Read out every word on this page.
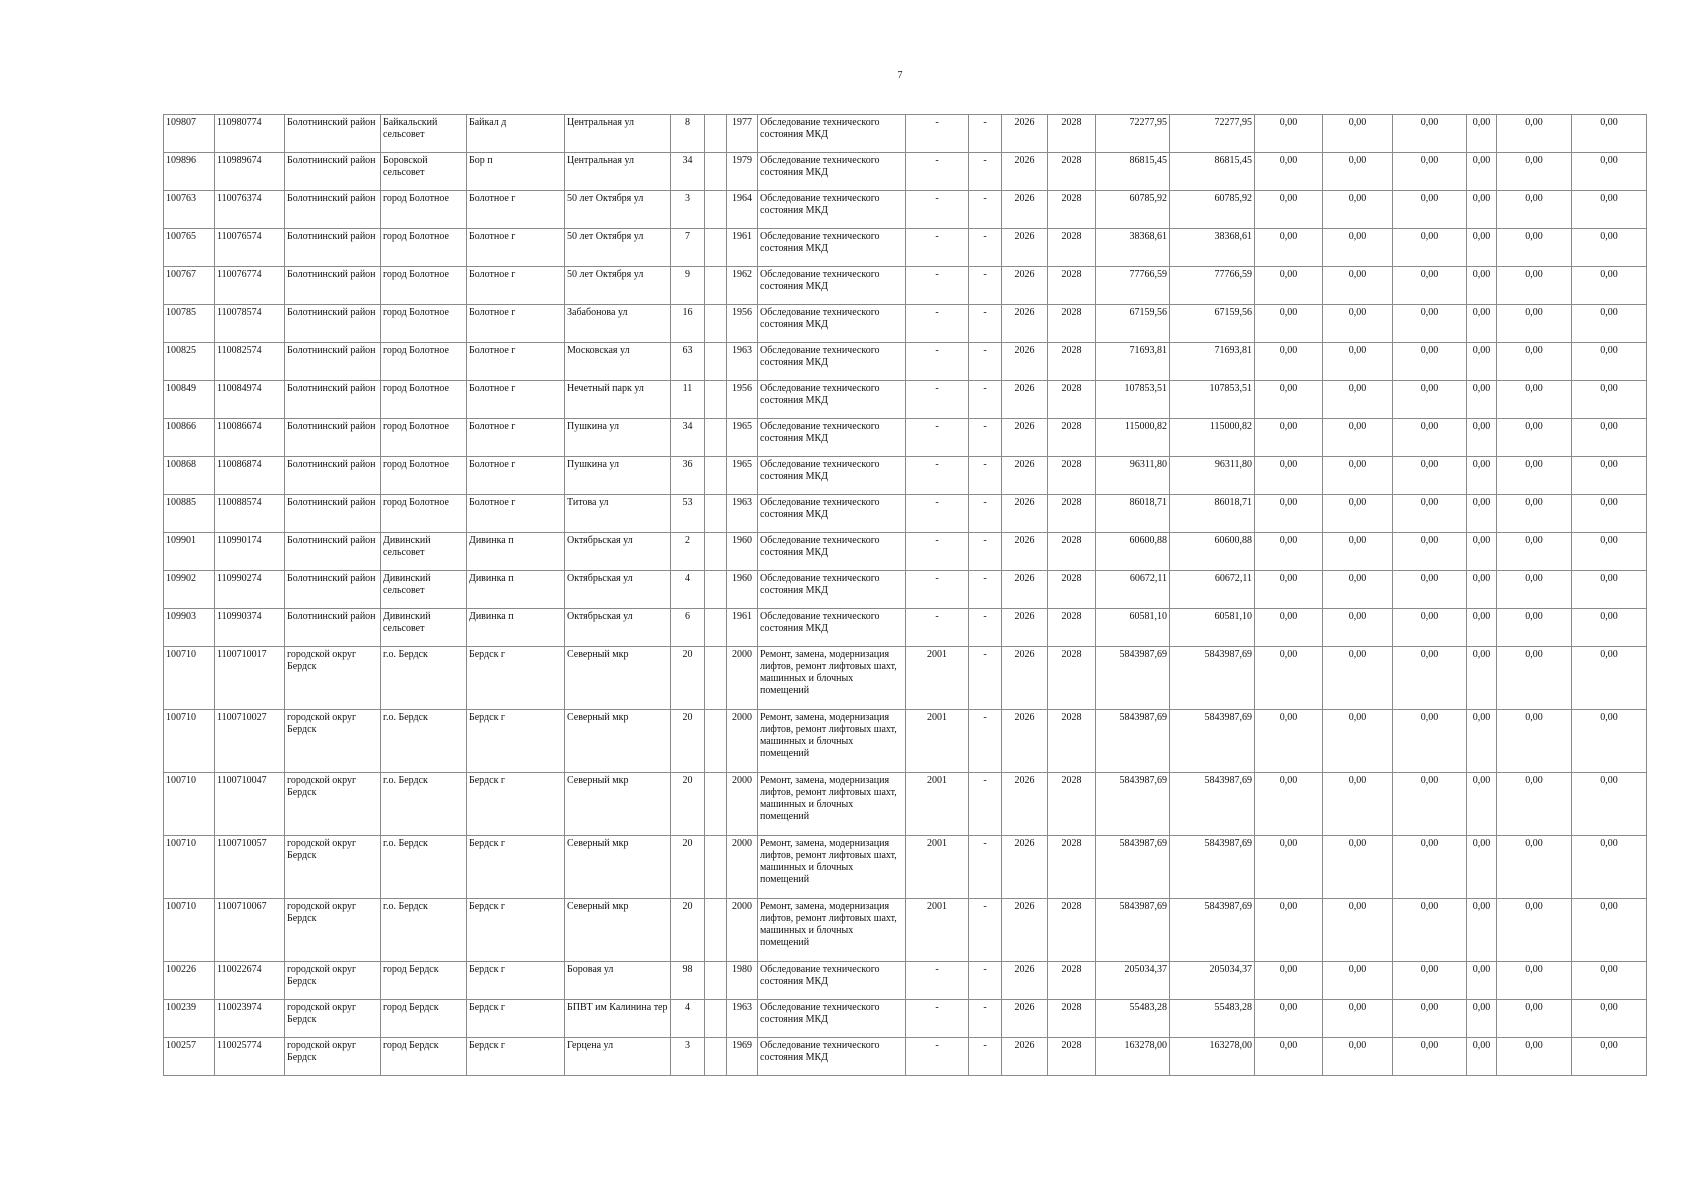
7
109807	110980774	Болотнинский район	Байкальский сельсовет	Байкал д	Центральная ул	8		1977	Обследование технического состояния МКД	-	-	2026	2028	72277,95	72277,95	0,00	0,00	0,00	0,00	0,00	0,00
109896	110989674	Болотнинский район	Боровской сельсовет	Бор п	Центральная ул	34		1979	Обследование технического состояния МКД	-	-	2026	2028	86815,45	86815,45	0,00	0,00	0,00	0,00	0,00	0,00
100763	110076374	Болотнинский район	город Болотное	Болотное г	50 лет Октября ул	3		1964	Обследование технического состояния МКД	-	-	2026	2028	60785,92	60785,92	0,00	0,00	0,00	0,00	0,00	0,00
100765	110076574	Болотнинский район	город Болотное	Болотное г	50 лет Октября ул	7		1961	Обследование технического состояния МКД	-	-	2026	2028	38368,61	38368,61	0,00	0,00	0,00	0,00	0,00	0,00
100767	110076774	Болотнинский район	город Болотное	Болотное г	50 лет Октября ул	9		1962	Обследование технического состояния МКД	-	-	2026	2028	77766,59	77766,59	0,00	0,00	0,00	0,00	0,00	0,00
100785	110078574	Болотнинский район	город Болотное	Болотное г	Забабонова ул	16		1956	Обследование технического состояния МКД	-	-	2026	2028	67159,56	67159,56	0,00	0,00	0,00	0,00	0,00	0,00
100825	110082574	Болотнинский район	город Болотное	Болотное г	Московская ул	63		1963	Обследование технического состояния МКД	-	-	2026	2028	71693,81	71693,81	0,00	0,00	0,00	0,00	0,00	0,00
100849	110084974	Болотнинский район	город Болотное	Болотное г	Нечетный парк ул	11		1956	Обследование технического состояния МКД	-	-	2026	2028	107853,51	107853,51	0,00	0,00	0,00	0,00	0,00	0,00
100866	110086674	Болотнинский район	город Болотное	Болотное г	Пушкина ул	34		1965	Обследование технического состояния МКД	-	-	2026	2028	115000,82	115000,82	0,00	0,00	0,00	0,00	0,00	0,00
100868	110086874	Болотнинский район	город Болотное	Болотное г	Пушкина ул	36		1965	Обследование технического состояния МКД	-	-	2026	2028	96311,80	96311,80	0,00	0,00	0,00	0,00	0,00	0,00
100885	110088574	Болотнинский район	город Болотное	Болотное г	Титова ул	53		1963	Обследование технического состояния МКД	-	-	2026	2028	86018,71	86018,71	0,00	0,00	0,00	0,00	0,00	0,00
109901	110990174	Болотнинский район	Дивинский сельсовет	Дивинка п	Октябрьская ул	2		1960	Обследование технического состояния МКД	-	-	2026	2028	60600,88	60600,88	0,00	0,00	0,00	0,00	0,00	0,00
109902	110990274	Болотнинский район	Дивинский сельсовет	Дивинка п	Октябрьская ул	4		1960	Обследование технического состояния МКД	-	-	2026	2028	60672,11	60672,11	0,00	0,00	0,00	0,00	0,00	0,00
109903	110990374	Болотнинский район	Дивинский сельсовет	Дивинка п	Октябрьская ул	6		1961	Обследование технического состояния МКД	-	-	2026	2028	60581,10	60581,10	0,00	0,00	0,00	0,00	0,00	0,00
100710	1100710017	городской округ Бердск	г.о. Бердск	Бердск г	Северный мкр	20		2000	Ремонт, замена, модернизация лифтов, ремонт лифтовых шахт, машинных и блочных помещений	2001	-	2026	2028	5843987,69	5843987,69	0,00	0,00	0,00	0,00	0,00	0,00
100710	1100710027	городской округ Бердск	г.о. Бердск	Бердск г	Северный мкр	20		2000	Ремонт, замена, модернизация лифтов, ремонт лифтовых шахт, машинных и блочных помещений	2001	-	2026	2028	5843987,69	5843987,69	0,00	0,00	0,00	0,00	0,00	0,00
100710	1100710047	городской округ Бердск	г.о. Бердск	Бердск г	Северный мкр	20		2000	Ремонт, замена, модернизация лифтов, ремонт лифтовых шахт, машинных и блочных помещений	2001	-	2026	2028	5843987,69	5843987,69	0,00	0,00	0,00	0,00	0,00	0,00
100710	1100710057	городской округ Бердск	г.о. Бердск	Бердск г	Северный мкр	20		2000	Ремонт, замена, модернизация лифтов, ремонт лифтовых шахт, машинных и блочных помещений	2001	-	2026	2028	5843987,69	5843987,69	0,00	0,00	0,00	0,00	0,00	0,00
100710	1100710067	городской округ Бердск	г.о. Бердск	Бердск г	Северный мкр	20		2000	Ремонт, замена, модернизация лифтов, ремонт лифтовых шахт, машинных и блочных помещений	2001	-	2026	2028	5843987,69	5843987,69	0,00	0,00	0,00	0,00	0,00	0,00
100226	110022674	городской округ Бердск	город Бердск	Бердск г	Боровая ул	98		1980	Обследование технического состояния МКД	-	-	2026	2028	205034,37	205034,37	0,00	0,00	0,00	0,00	0,00	0,00
100239	110023974	городской округ Бердск	город Бердск	Бердск г	БПВТ им Калинина тер	4		1963	Обследование технического состояния МКД	-	-	2026	2028	55483,28	55483,28	0,00	0,00	0,00	0,00	0,00	0,00
100257	110025774	городской округ Бердск	город Бердск	Бердск г	Герцена ул	3		1969	Обследование технического состояния МКД	-	-	2026	2028	163278,00	163278,00	0,00	0,00	0,00	0,00	0,00	0,00
